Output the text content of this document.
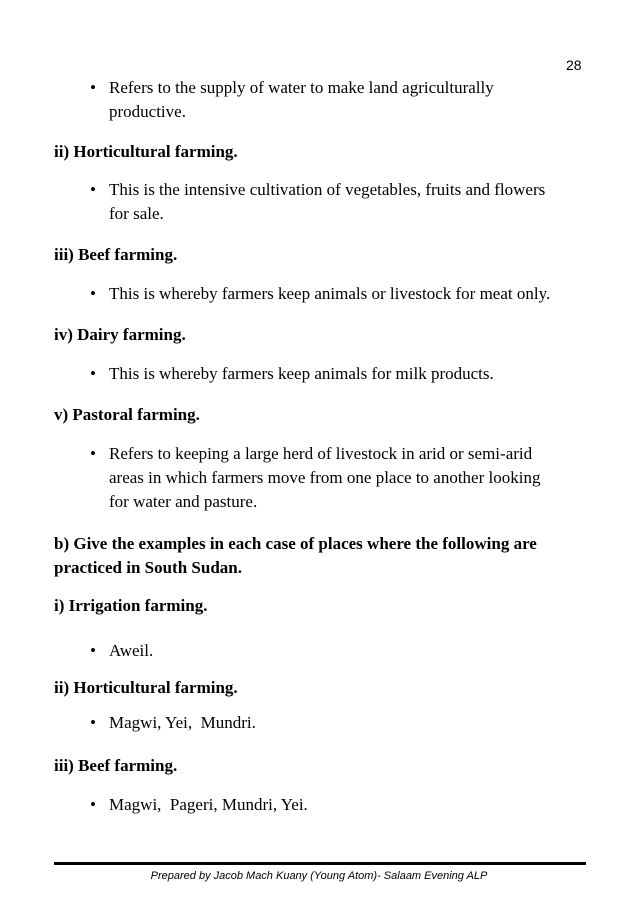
28
• Refers to the supply of water to make land agriculturally
productive.
ii) Horticultural farming.
• This is the intensive cultivation of vegetables, fruits and flowers
for sale.
iii) Beef farming.
• This is whereby farmers keep animals or livestock for meat only.
iv) Dairy farming.
• This is whereby farmers keep animals for milk products.
v) Pastoral farming.
• Refers to keeping a large herd of livestock in arid or semi-arid
areas in which farmers move from one place to another looking
for water and pasture.
b) Give the examples in each case of places where the following are
practiced in South Sudan.
i) Irrigation farming.
• Aweil.
ii) Horticultural farming.
• Magwi, Yei,  Mundri.
iii) Beef farming.
• Magwi,  Pageri, Mundri, Yei.
Prepared by Jacob Mach Kuany (Young Atom)- Salaam Evening ALP
